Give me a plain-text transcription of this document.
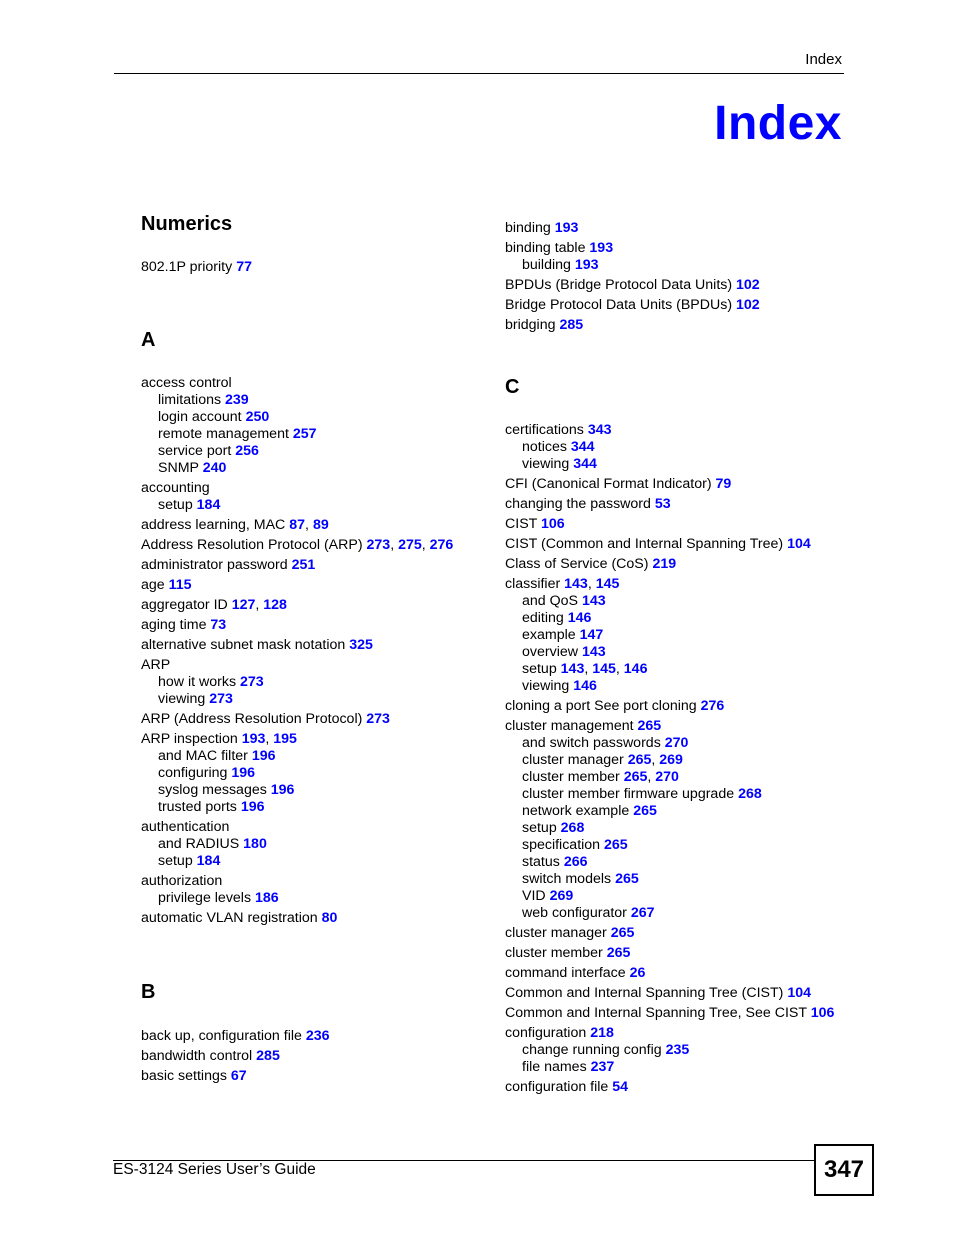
Index
Index
Numerics
802.1P priority 77
A
access control
limitations 239
login account 250
remote management 257
service port 256
SNMP 240
accounting
setup 184
address learning, MAC 87, 89
Address Resolution Protocol (ARP) 273, 275, 276
administrator password 251
age 115
aggregator ID 127, 128
aging time 73
alternative subnet mask notation 325
ARP
how it works 273
viewing 273
ARP (Address Resolution Protocol) 273
ARP inspection 193, 195
and MAC filter 196
configuring 196
syslog messages 196
trusted ports 196
authentication
and RADIUS 180
setup 184
authorization
privilege levels 186
automatic VLAN registration 80
B
back up, configuration file 236
bandwidth control 285
basic settings 67
binding 193
binding table 193
building 193
BPDUs (Bridge Protocol Data Units) 102
Bridge Protocol Data Units (BPDUs) 102
bridging 285
C
certifications 343
notices 344
viewing 344
CFI (Canonical Format Indicator) 79
changing the password 53
CIST 106
CIST (Common and Internal Spanning Tree) 104
Class of Service (CoS) 219
classifier 143, 145
and QoS 143
editing 146
example 147
overview 143
setup 143, 145, 146
viewing 146
cloning a port See port cloning 276
cluster management 265
and switch passwords 270
cluster manager 265, 269
cluster member 265, 270
cluster member firmware upgrade 268
network example 265
setup 268
specification 265
status 266
switch models 265
VID 269
web configurator 267
cluster manager 265
cluster member 265
command interface 26
Common and Internal Spanning Tree (CIST) 104
Common and Internal Spanning Tree, See CIST 106
configuration 218
change running config 235
file names 237
configuration file 54
ES-3124 Series User’s Guide	347
